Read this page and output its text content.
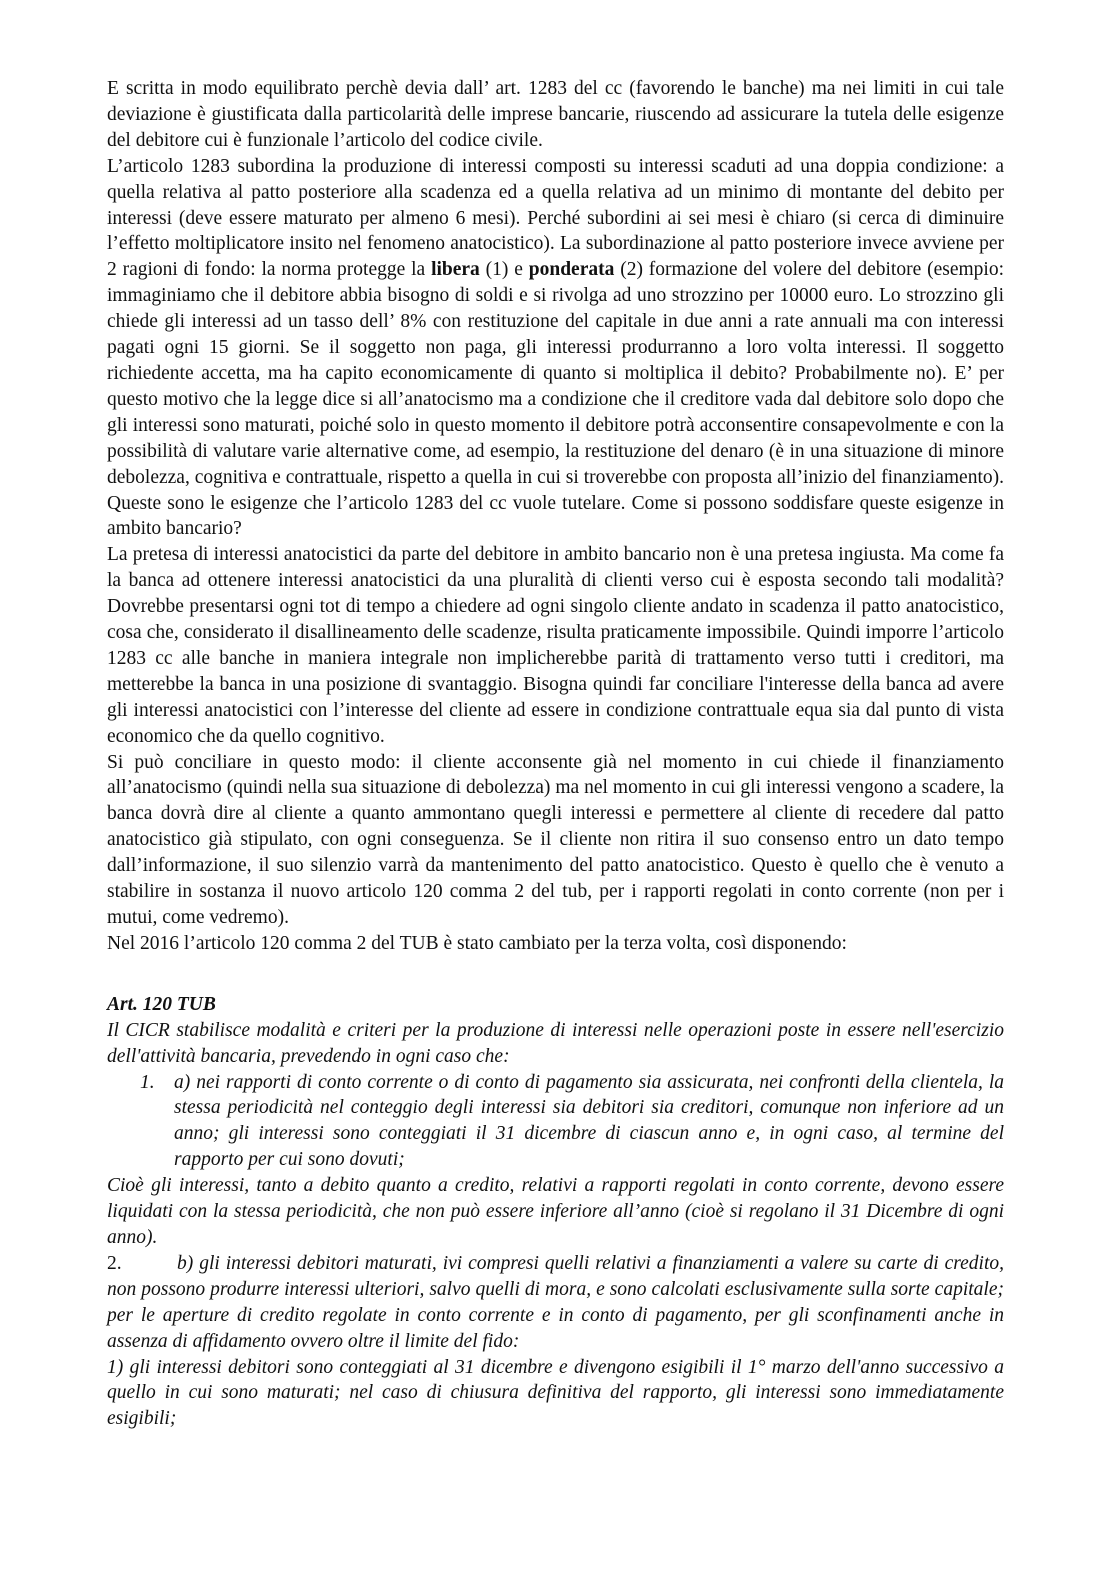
E scritta in modo equilibrato perchè devia dall’ art. 1283 del cc (favorendo le banche) ma nei limiti in cui tale deviazione è giustificata dalla particolarità delle imprese bancarie, riuscendo ad assicurare la tutela delle esigenze del debitore cui è funzionale l’articolo del codice civile.

L’articolo 1283 subordina la produzione di interessi composti su interessi scaduti ad una doppia condizione: a quella relativa al patto posteriore alla scadenza ed a quella relativa ad un minimo di montante del debito per interessi (deve essere maturato per almeno 6 mesi). Perché subordini ai sei mesi è chiaro (si cerca di diminuire l’effetto moltiplicatore insito nel fenomeno anatocistico). La subordinazione al patto posteriore invece avviene per 2 ragioni di fondo: la norma protegge la libera (1) e ponderata (2) formazione del volere del debitore (esempio: immaginiamo che il debitore abbia bisogno di soldi e si rivolga ad uno strozzino per 10000 euro. Lo strozzino gli chiede gli interessi ad un tasso dell’ 8% con restituzione del capitale in due anni a rate annuali ma con interessi pagati ogni 15 giorni. Se il soggetto non paga, gli interessi produrranno a loro volta interessi. Il soggetto richiedente accetta, ma ha capito economicamente di quanto si moltiplica il debito? Probabilmente no). E’ per questo motivo che la legge dice si all’anatocismo ma a condizione che il creditore vada dal debitore solo dopo che gli interessi sono maturati, poiché solo in questo momento il debitore potrà acconsentire consapevolmente e con la possibilità di valutare varie alternative come, ad esempio, la restituzione del denaro (è in una situazione di minore debolezza, cognitiva e contrattuale, rispetto a quella in cui si troverebbe con proposta all’inizio del finanziamento). Queste sono le esigenze che l’articolo 1283 del cc vuole tutelare. Come si possono soddisfare queste esigenze in ambito bancario?

La pretesa di interessi anatocistici da parte del debitore in ambito bancario non è una pretesa ingiusta. Ma come fa la banca ad ottenere interessi anatocistici da una pluralità di clienti verso cui è esposta secondo tali modalità? Dovrebbe presentarsi ogni tot di tempo a chiedere ad ogni singolo cliente andato in scadenza il patto anatocistico, cosa che, considerato il disallineamento delle scadenze, risulta praticamente impossibile. Quindi imporre l’articolo 1283 cc alle banche in maniera integrale non implicherebbe parità di trattamento verso tutti i creditori, ma metterebbe la banca in una posizione di svantaggio. Bisogna quindi far conciliare l'interesse della banca ad avere gli interessi anatocistici con l’interesse del cliente ad essere in condizione contrattuale equa sia dal punto di vista economico che da quello cognitivo.

Si può conciliare in questo modo: il cliente acconsente già nel momento in cui chiede il finanziamento all’anatocismo (quindi nella sua situazione di debolezza) ma nel momento in cui gli interessi vengono a scadere, la banca dovrà dire al cliente a quanto ammontano quegli interessi e permettere al cliente di recedere dal patto anatocistico già stipulato, con ogni conseguenza. Se il cliente non ritira il suo consenso entro un dato tempo dall’informazione, il suo silenzio varrà da mantenimento del patto anatocistico. Questo è quello che è venuto a stabilire in sostanza il nuovo articolo 120 comma 2 del tub, per i rapporti regolati in conto corrente (non per i mutui, come vedremo).

Nel 2016 l’articolo 120 comma 2 del TUB è stato cambiato per la terza volta, così disponendo:

Art. 120 TUB

Il CICR stabilisce modalità e criteri per la produzione di interessi nelle operazioni poste in essere nell'esercizio dell'attività bancaria, prevedendo in ogni caso che:

1. a) nei rapporti di conto corrente o di conto di pagamento sia assicurata, nei confronti della clientela, la stessa periodicità nel conteggio degli interessi sia debitori sia creditori, comunque non inferiore ad un anno; gli interessi sono conteggiati il 31 dicembre di ciascun anno e, in ogni caso, al termine del rapporto per cui sono dovuti;

Cioè gli interessi, tanto a debito quanto a credito, relativi a rapporti regolati in conto corrente, devono essere liquidati con la stessa periodicità, che non può essere inferiore all’anno (cioè si regolano il 31 Dicembre di ogni anno).

2.	b) gli interessi debitori maturati, ivi compresi quelli relativi a finanziamenti a valere su carte di credito, non possono produrre interessi ulteriori, salvo quelli di mora, e sono calcolati esclusivamente sulla sorte capitale; per le aperture di credito regolate in conto corrente e in conto di pagamento, per gli sconfinamenti anche in assenza di affidamento ovvero oltre il limite del fido:

1) gli interessi debitori sono conteggiati al 31 dicembre e divengono esigibili il 1° marzo dell'anno successivo a quello in cui sono maturati; nel caso di chiusura definitiva del rapporto, gli interessi sono immediatamente esigibili;
